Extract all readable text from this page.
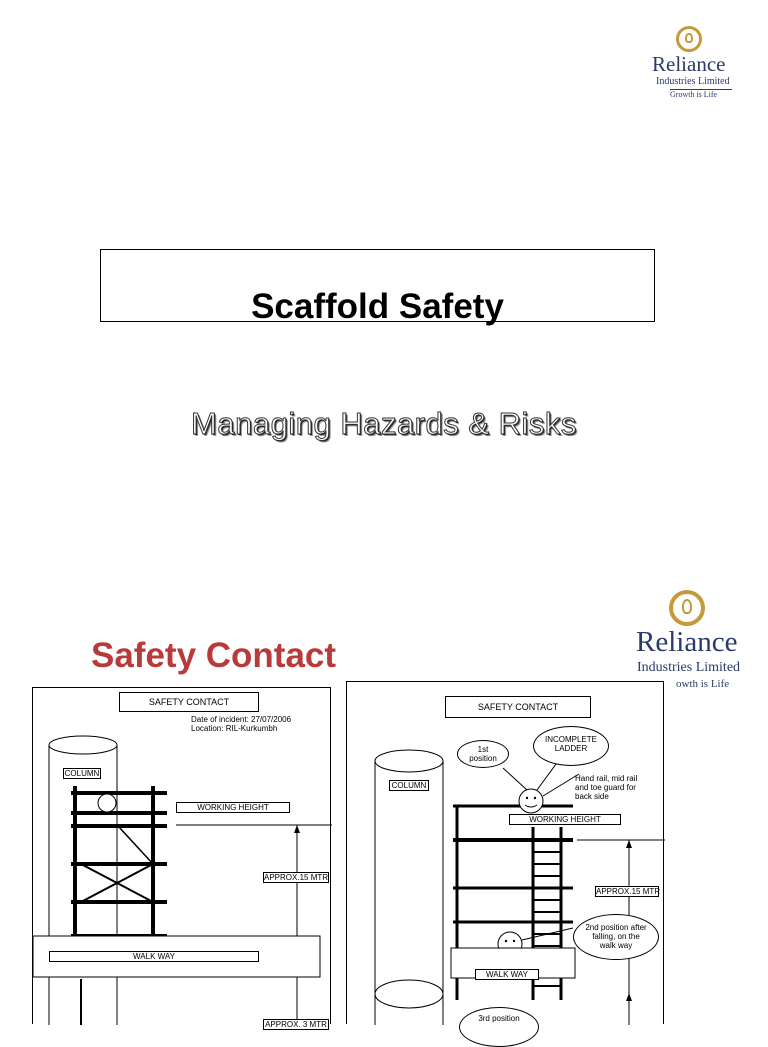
Reliance
Industries Limited
Growth is Life
Scaffold Safety
Managing Hazards & Risks
Safety Contact	Reliance
Industries Limited
owth is Life
SAFETY CONTACT
Date of incident: 27/07/2006
Location: RIL-Kurkumbh
COLUMN
WORKING HEIGHT
APPROX.15 MTR
WALK WAY
APPROX. 3 MTR
SAFETY CONTACT
COLUMN
1st position
INCOMPLETE LADDER
Hand rail, mid rail and toe guard for back side
WORKING HEIGHT
APPROX.15 MTR
2nd position after falling, on the walk way
WALK WAY
3rd position
